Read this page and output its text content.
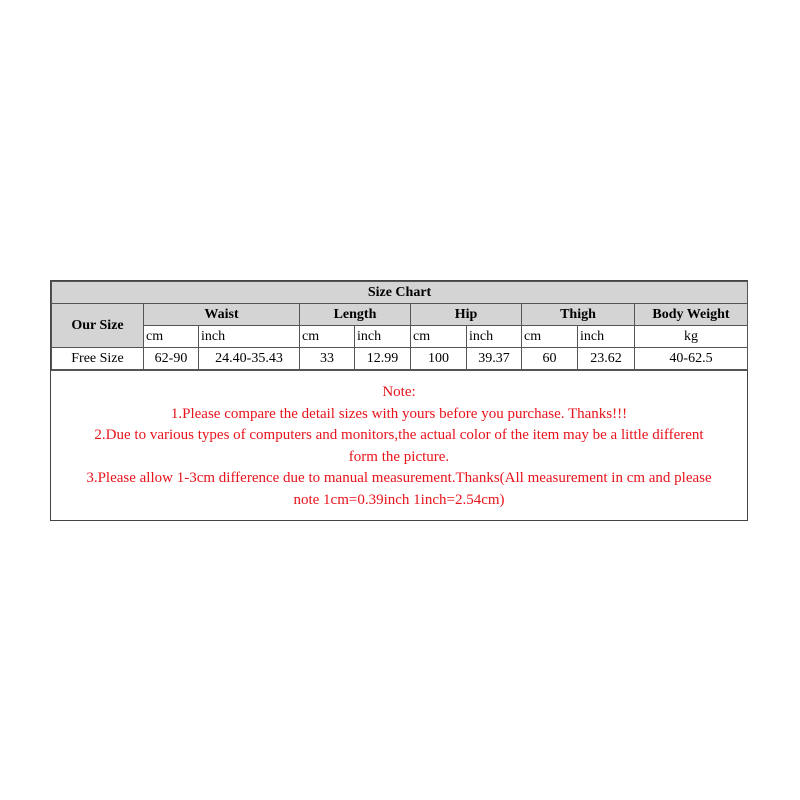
Size Chart									
Our Size	Waist		Length		Hip		Thigh		Body Weight
	cm	inch	cm	inch	cm	inch	cm	inch	kg
Free Size	62-90	24.40-35.43	33	12.99	100	39.37	60	23.62	40-62.5
Note:
1.Please compare the detail sizes with yours before you purchase. Thanks!!!
2.Due to various types of computers and monitors,the actual color of the item may be a little different
form the picture.
3.Please allow 1-3cm difference due to manual measurement.Thanks(All measurement in cm and please
note 1cm=0.39inch 1inch=2.54cm)
